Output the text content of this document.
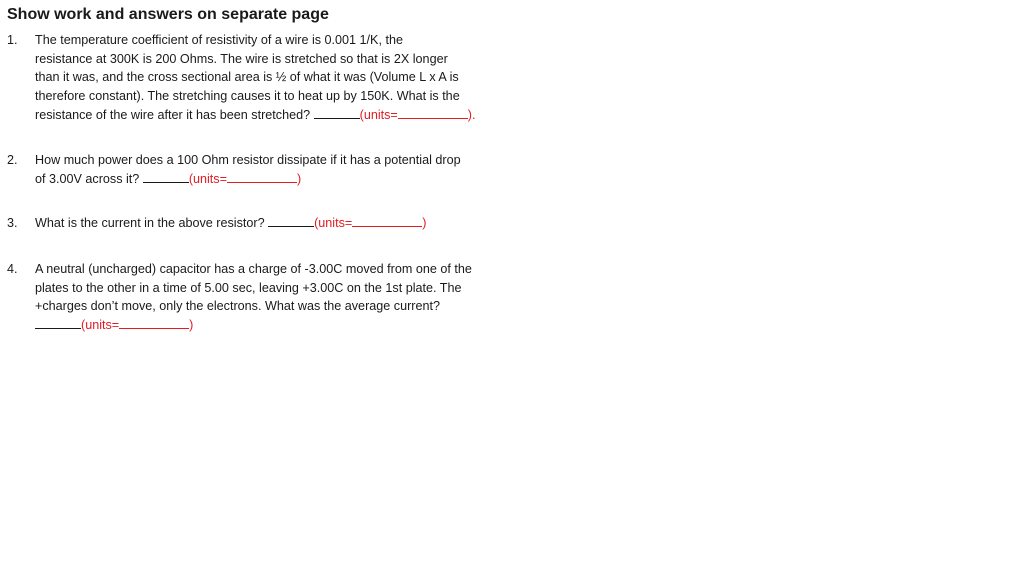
Show work and answers on separate page
1.	The temperature coefficient of resistivity of a wire is 0.001 1/K, the
resistance at 300K is 200 Ohms. The wire is stretched so that is 2X longer
than it was, and the cross sectional area is ½ of what it was (Volume L x A is
therefore constant). The stretching causes it to heat up by 150K. What is the
resistance of the wire after it has been stretched?	(units=	).
2.	How much power does a 100 Ohm resistor dissipate if it has a potential drop
of 3.00V across it?	(units=	)
3.	What is the current in the above resistor?	(units=	)
4.	A neutral (uncharged) capacitor has a charge of -3.00C moved from one of the
plates to the other in a time of 5.00 sec, leaving +3.00C on the 1st plate. The
+charges don’t move, only the electrons. What was the average current?
(units=	)
